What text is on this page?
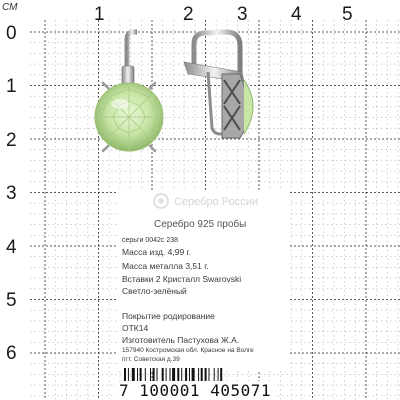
СМ	1	2 3 4 5
0
1
2
3
4
5
6
Серебро России
Серебро 925 пробы
серьги 0042с 238
Масса изд. 4,99 г.
Масса металла 3,51 г.
Вставки 2 Кристалл Swarovski
Светло-зелёный
Покрытие родирование
ОТК14
Изготовитель Пастухова Ж.А.
157940 Костромская обл. Красное на Волге
пгт. Советская д.39
7 100001 405071
